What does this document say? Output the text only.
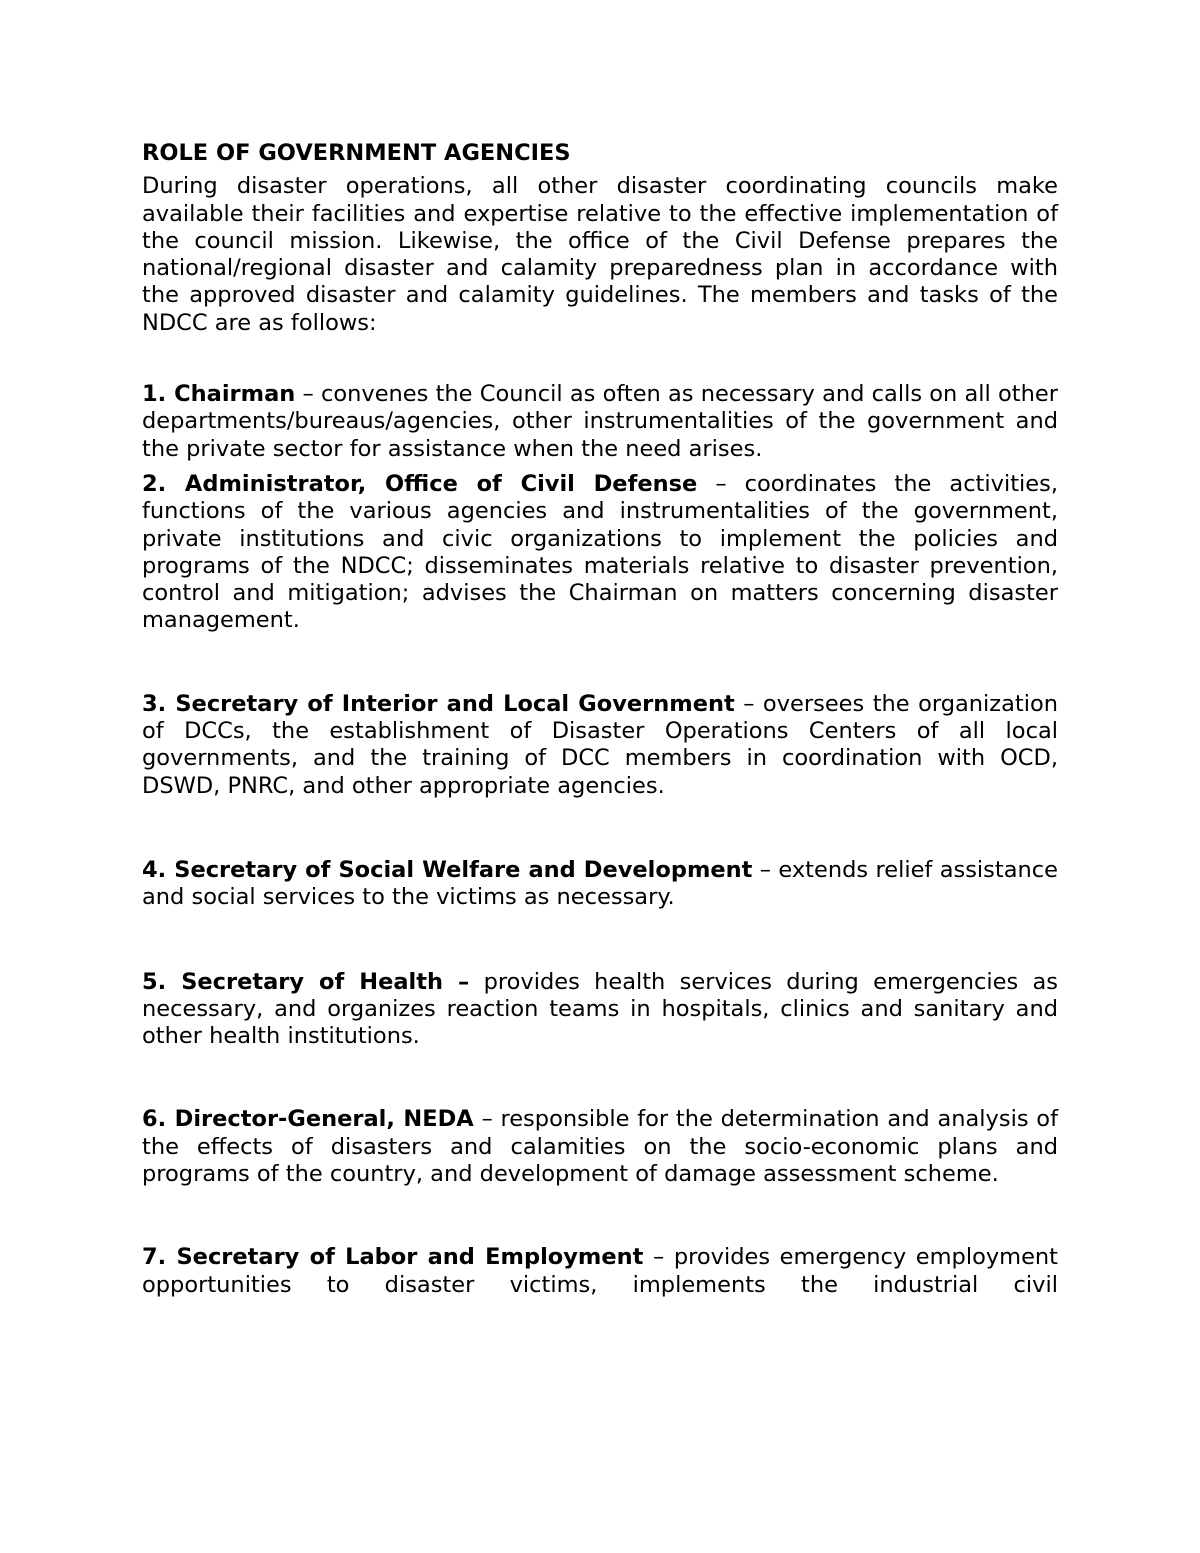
ROLE OF GOVERNMENT AGENCIES

During disaster operations, all other disaster coordinating councils make available their facilities and expertise relative to the effective implementation of the council mission. Likewise, the office of the Civil Defense prepares the national/regional disaster and calamity preparedness plan in accordance with the approved disaster and calamity guidelines. The members and tasks of the NDCC are as follows:

1. Chairman – convenes the Council as often as necessary and calls on all other departments/bureaus/agencies, other instrumentalities of the government and the private sector for assistance when the need arises.

2. Administrator, Office of Civil Defense – coordinates the activities, functions of the various agencies and instrumentalities of the government, private institutions and civic organizations to implement the policies and programs of the NDCC; disseminates materials relative to disaster prevention, control and mitigation; advises the Chairman on matters concerning disaster management.

3. Secretary of Interior and Local Government – oversees the organization of DCCs, the establishment of Disaster Operations Centers of all local governments, and the training of DCC members in coordination with OCD, DSWD, PNRC, and other appropriate agencies.

4. Secretary of Social Welfare and Development – extends relief assistance and social services to the victims as necessary.

5. Secretary of Health – provides health services during emergencies as necessary, and organizes reaction teams in hospitals, clinics and sanitary and other health institutions.

6. Director-General, NEDA – responsible for the determination and analysis of the effects of disasters and calamities on the socio-economic plans and programs of the country, and development of damage assessment scheme.

7. Secretary of Labor and Employment – provides emergency employment opportunities to disaster victims, implements the industrial civil
